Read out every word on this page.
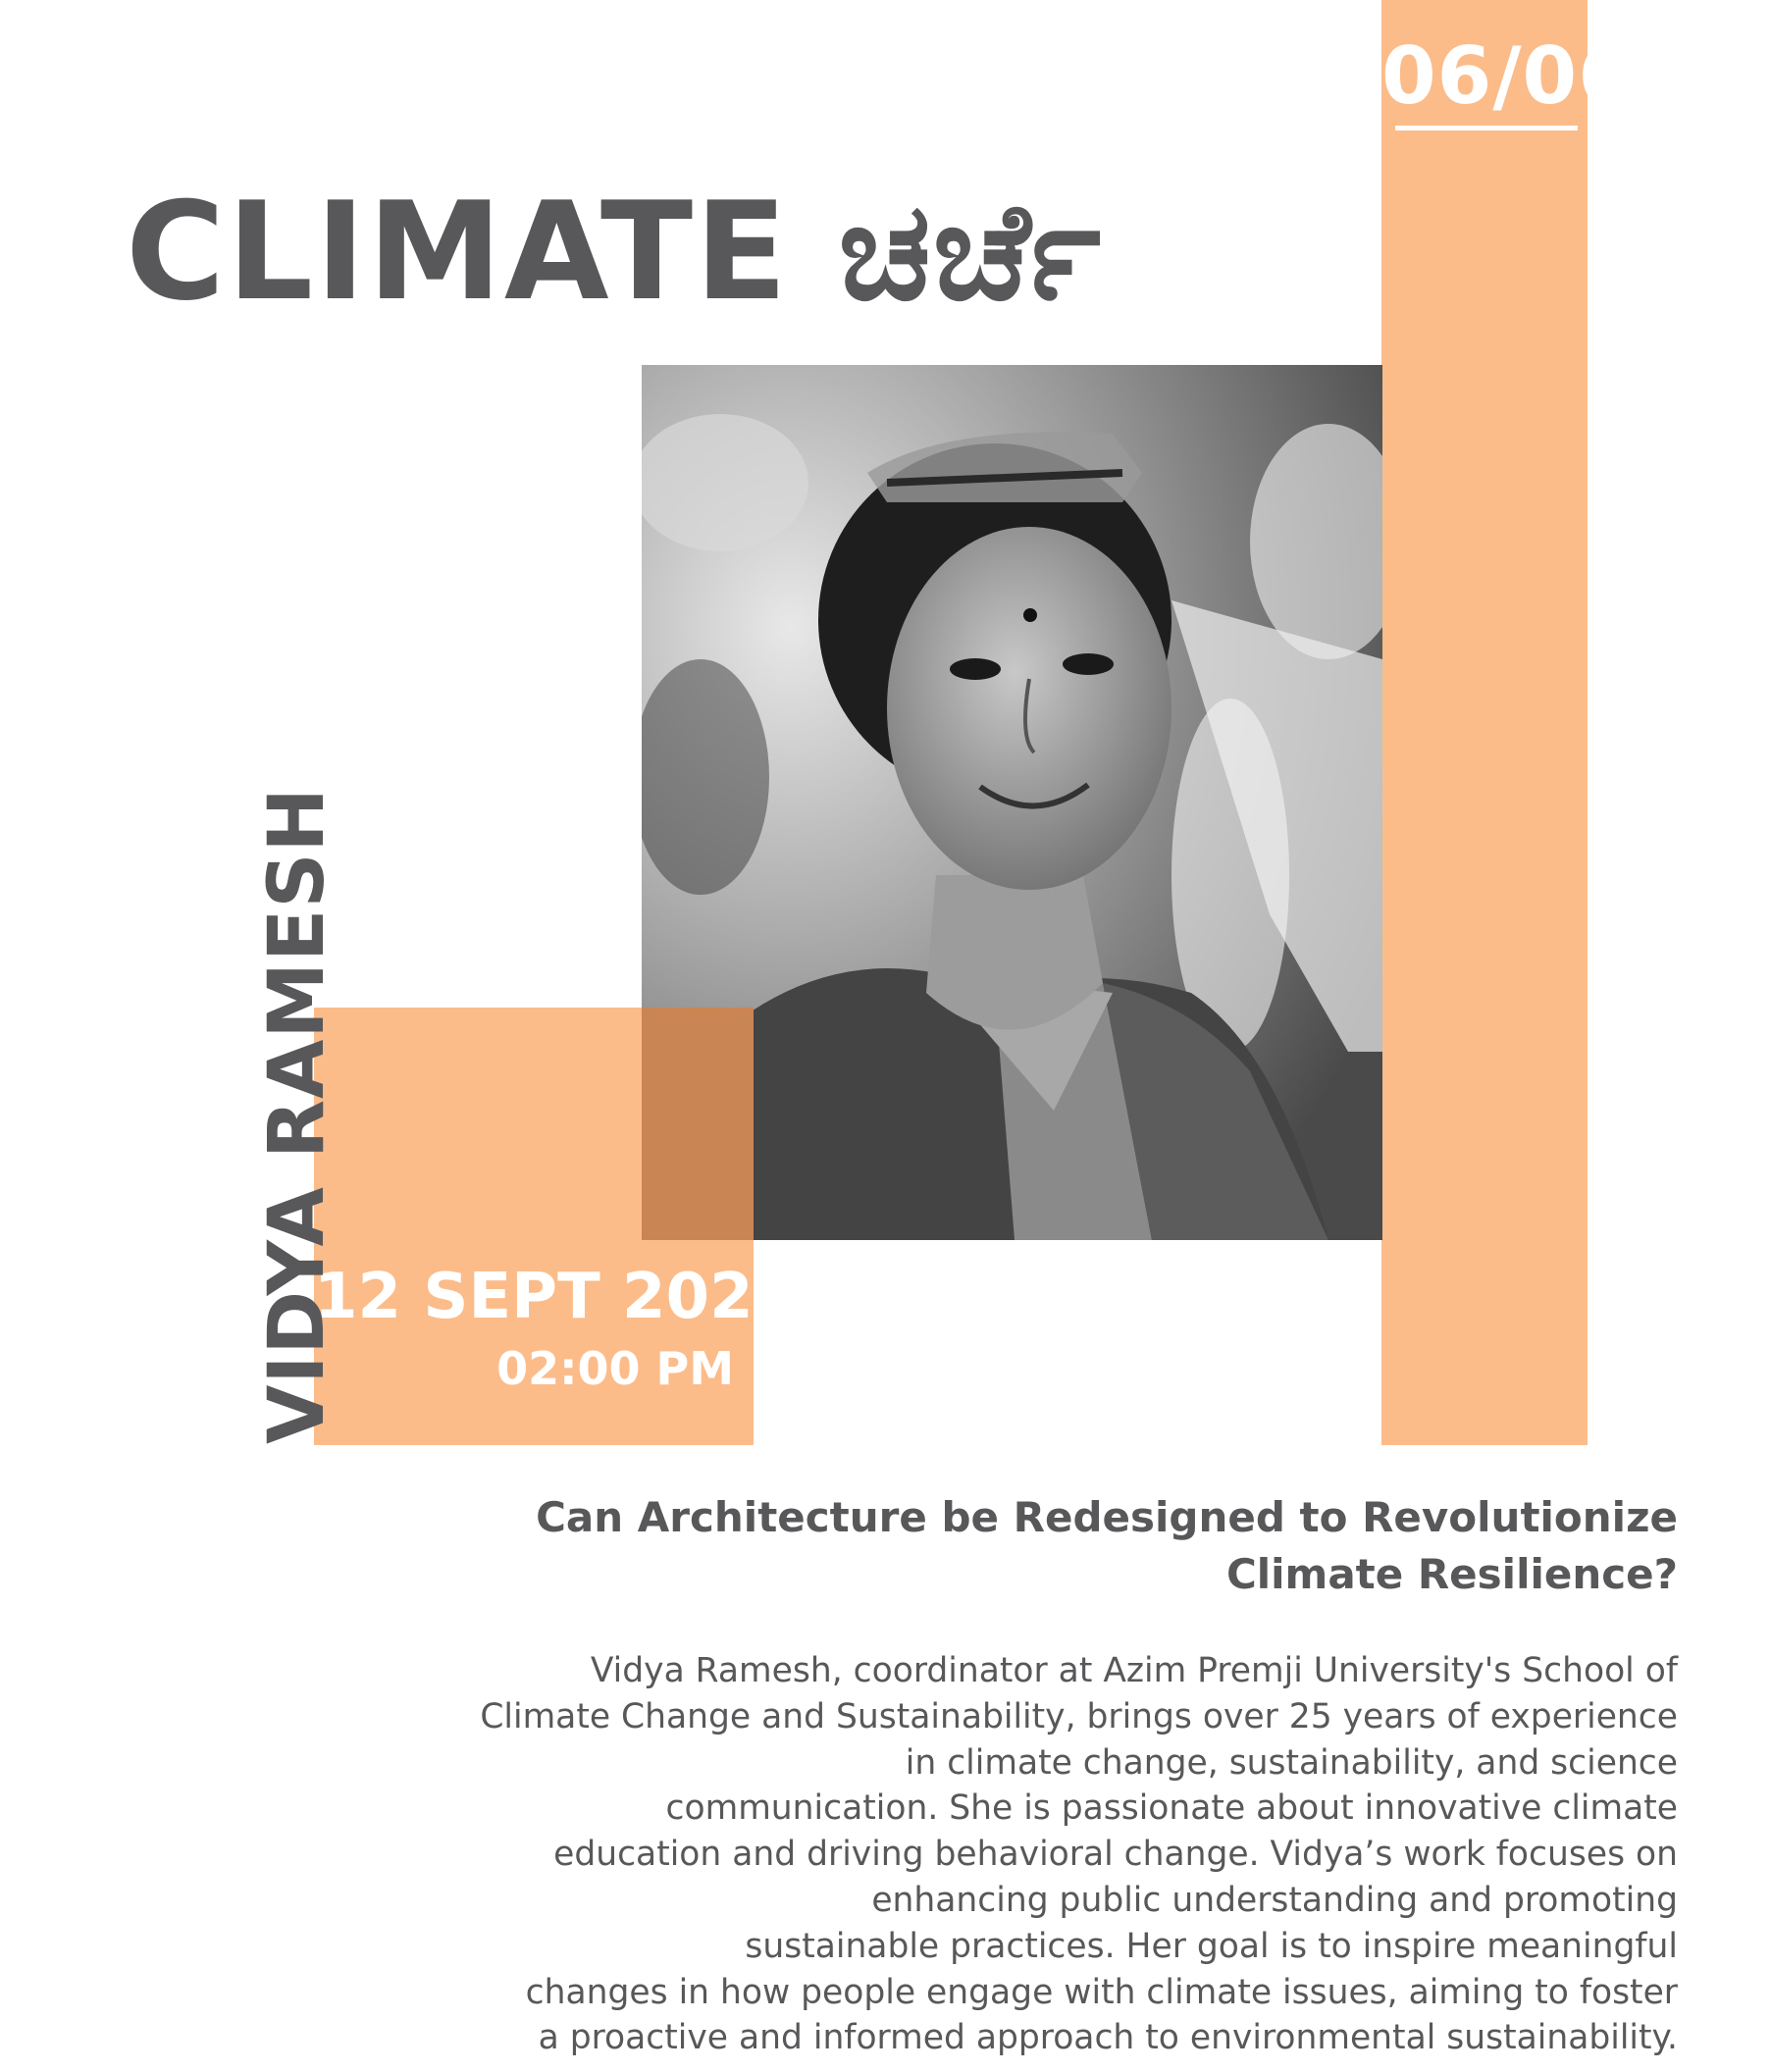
06/06
CLIMATE ಚರ್ಚೆ
12 SEPT 2024
02:00 PM
VIDYA RAMESH
Can Architecture be Redesigned to Revolutionize
Climate Resilience?
Vidya Ramesh, coordinator at Azim Premji University's School of
Climate Change and Sustainability, brings over 25 years of experience
in climate change, sustainability, and science
communication. She is passionate about innovative climate
education and driving behavioral change. Vidya’s work focuses on
enhancing public understanding and promoting
sustainable practices. Her goal is to inspire meaningful
changes in how people engage with climate issues, aiming to foster
a proactive and informed approach to environmental sustainability.
